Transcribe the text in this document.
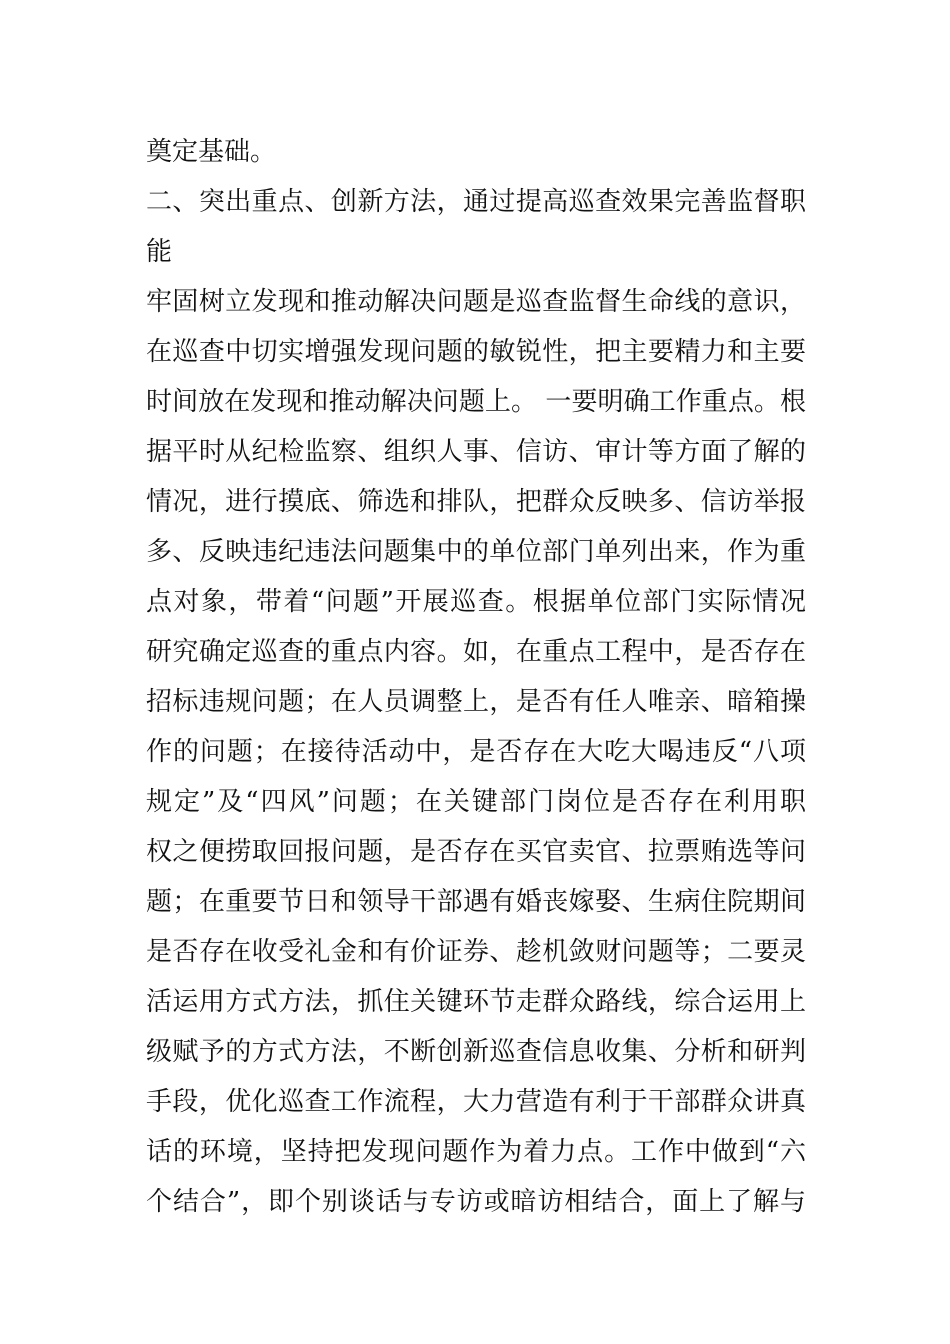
奠定基础。
二、突出重点、创新方法，通过提高巡查效果完善监督职
能
牢固树立发现和推动解决问题是巡查监督生命线的意识，
在巡查中切实增强发现问题的敏锐性，把主要精力和主要
时间放在发现和推动解决问题上。 一要明确工作重点。根
据平时从纪检监察、组织人事、信访、审计等方面了解的
情况，进行摸底、筛选和排队，把群众反映多、信访举报
多、反映违纪违法问题集中的单位部门单列出来，作为重
点对象，带着“问题”开展巡查。根据单位部门实际情况
研究确定巡查的重点内容。如，在重点工程中，是否存在
招标违规问题；在人员调整上，是否有任人唯亲、暗箱操
作的问题；在接待活动中，是否存在大吃大喝违反“八项
规定”及“四风”问题；在关键部门岗位是否存在利用职
权之便捞取回报问题，是否存在买官卖官、拉票贿选等问
题；在重要节日和领导干部遇有婚丧嫁娶、生病住院期间
是否存在收受礼金和有价证券、趁机敛财问题等；二要灵
活运用方式方法，抓住关键环节走群众路线，综合运用上
级赋予的方式方法，不断创新巡查信息收集、分析和研判
手段，优化巡查工作流程，大力营造有利于干部群众讲真
话的环境，坚持把发现问题作为着力点。工作中做到“六
个结合”，即个别谈话与专访或暗访相结合，面上了解与
